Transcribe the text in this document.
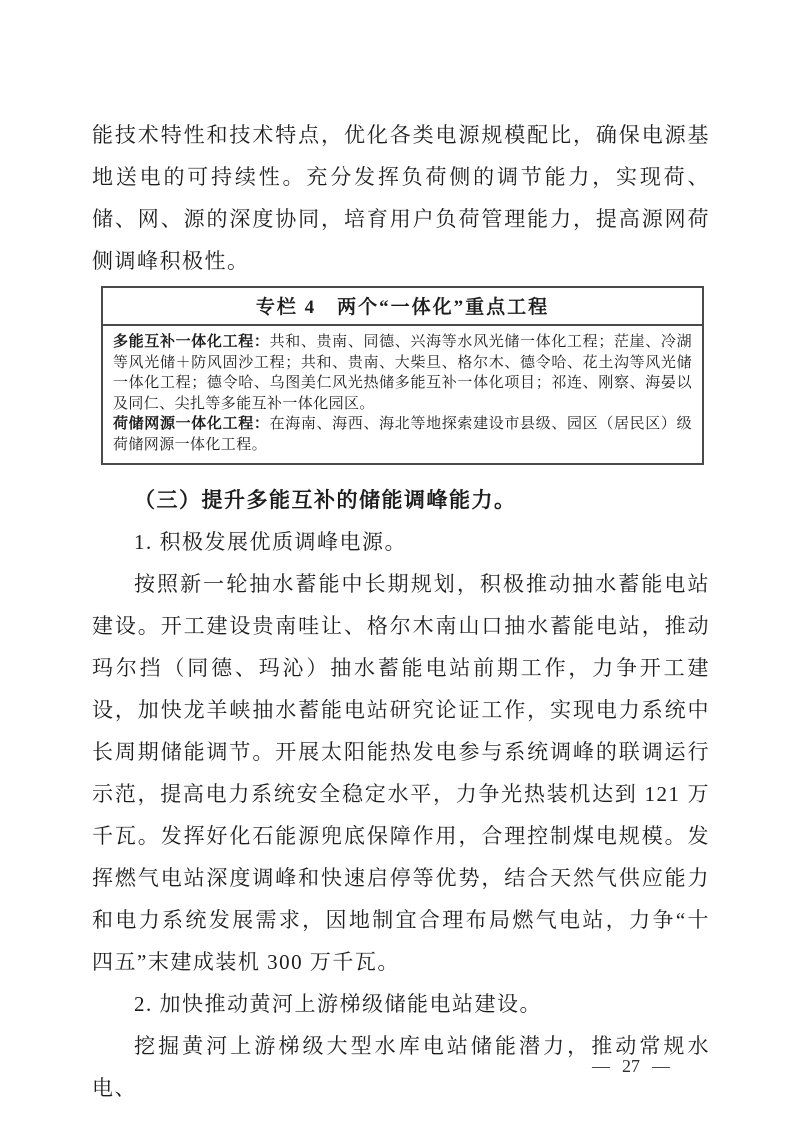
能技术特性和技术特点，优化各类电源规模配比，确保电源基地送电的可持续性。充分发挥负荷侧的调节能力，实现荷、储、网、源的深度协同，培育用户负荷管理能力，提高源网荷侧调峰积极性。

专栏 4　两个“一体化”重点工程

多能互补一体化工程：共和、贵南、同德、兴海等水风光储一体化工程；茫崖、冷湖等风光储＋防风固沙工程；共和、贵南、大柴旦、格尔木、德令哈、花土沟等风光储一体化工程；德令哈、乌图美仁风光热储多能互补一体化项目；祁连、刚察、海晏以及同仁、尖扎等多能互补一体化园区。

荷储网源一体化工程：在海南、海西、海北等地探索建设市县级、园区（居民区）级荷储网源一体化工程。

（三）提升多能互补的储能调峰能力。

1. 积极发展优质调峰电源。

按照新一轮抽水蓄能中长期规划，积极推动抽水蓄能电站建设。开工建设贵南哇让、格尔木南山口抽水蓄能电站，推动玛尔挡（同德、玛沁）抽水蓄能电站前期工作，力争开工建设，加快龙羊峡抽水蓄能电站研究论证工作，实现电力系统中长周期储能调节。开展太阳能热发电参与系统调峰的联调运行示范，提高电力系统安全稳定水平，力争光热装机达到 121 万千瓦。发挥好化石能源兜底保障作用，合理控制煤电规模。发挥燃气电站深度调峰和快速启停等优势，结合天然气供应能力和电力系统发展需求，因地制宜合理布局燃气电站，力争“十四五”末建成装机 300 万千瓦。

2. 加快推动黄河上游梯级储能电站建设。

挖掘黄河上游梯级大型水库电站储能潜力，推动常规水电、

— 27 —
